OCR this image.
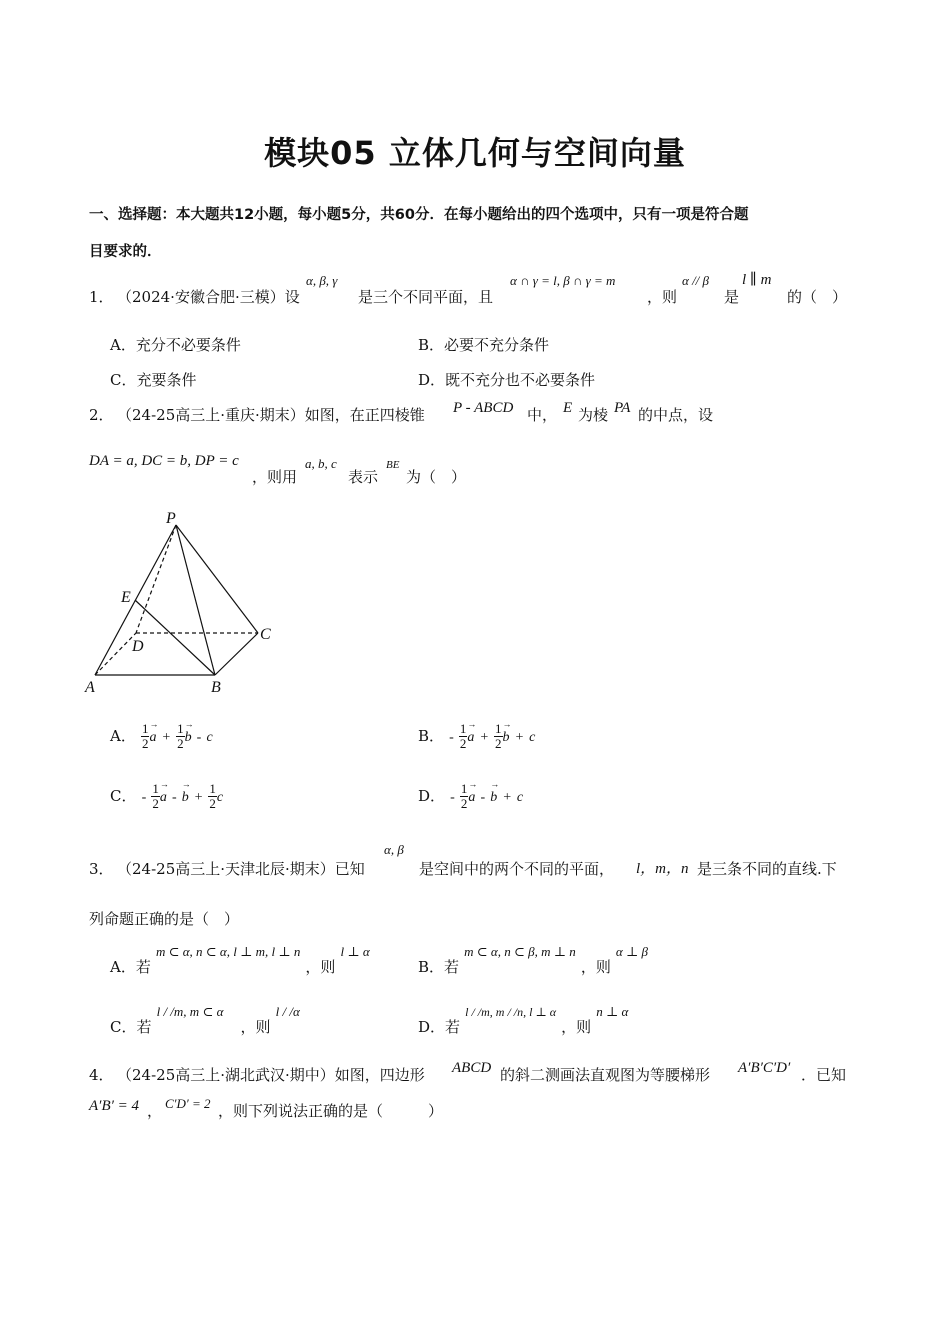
模块05 立体几何与空间向量
一、选择题：本大题共12小题，每小题5分，共60分．在每小题给出的四个选项中，只有一项是符合题
目要求的．
1． （2024·安徽合肥·三模）设
α, β, γ
是三个不同平面，且
α ∩ γ = l, β ∩ γ = m
，则
α // β
是
l ∥ m
的（　）
A．充分不必要条件	B．必要不充分条件
C．充要条件	D．既不充分也不必要条件
2． （24-25高三上·重庆·期末）如图，在正四棱锥 P - ABCD 中， E 为棱 PA 的中点，设
DA = a, DC = b, DP = c
，则用
a, b, c
表示
BE
为（　）
P
E
D
C
A	B
A． $\frac{1}{2}$
→ $a + \frac{1}{2}$
→ b - c	B． - $\frac{1}{2}$
→ $a + \frac{1}{2}$
→ b + c
C． - $\frac{1}{2}$
→ a - → $b + \frac{1}{2}$ c	D． - $\frac{1}{2}$
→ a - → b + c
3． （24-25高三上·天津北辰·期末）已知
α, β
是空间中的两个不同的平面， l，m，n 是三条不同的直线.下
列命题正确的是（　）
A．若 m ⊂ α, n ⊂ α, l ⊥ m, l ⊥ n ，则 l ⊥ α
B．若 m ⊂ α, n ⊂ β, m ⊥ n ，则 α ⊥ β
C．若 l / /m, m ⊂ α ，则 l / /α
D．若 l / /m, m / /n, l ⊥ α ，则 n ⊥ α
4． （24-25高三上·湖北武汉·期中）如图，四边形 ABCD 的斜二测画法直观图为等腰梯形 A′B′C′D′ ．已知
A′B′ = 4 ， C′D′ = 2 ，则下列说法正确的是（　　　）
